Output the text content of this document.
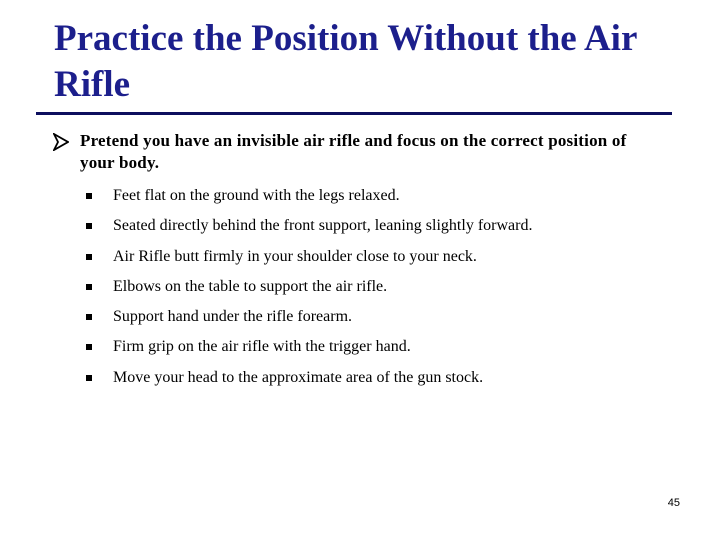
Practice the Position Without the Air Rifle

Pretend you have an invisible air rifle and focus on the correct position of your body.

Feet flat on the ground with the legs relaxed.
Seated directly behind the front support, leaning slightly forward.
Air Rifle butt firmly in your shoulder close to your neck.
Elbows on the table to support the air rifle.
Support hand under the rifle forearm.
Firm grip on the air rifle with the trigger hand.
Move your head to the approximate area of the gun stock.
45
